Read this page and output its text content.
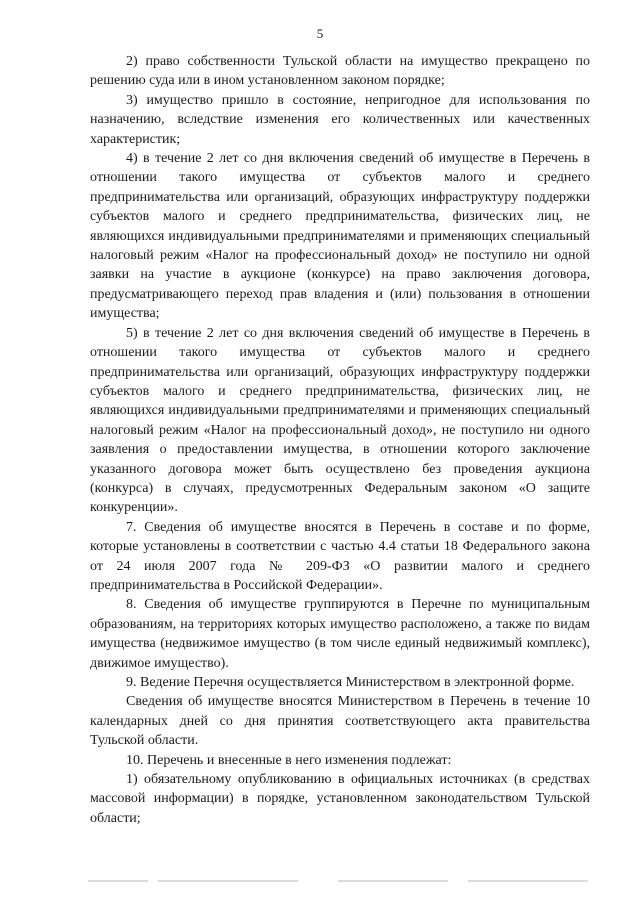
5

2) право собственности Тульской области на имущество прекращено по решению суда или в ином установленном законом порядке;

3) имущество пришло в состояние, непригодное для использования по назначению, вследствие изменения его количественных или качественных характеристик;

4) в течение 2 лет со дня включения сведений об имуществе в Перечень в отношении такого имущества от субъектов малого и среднего предпринимательства или организаций, образующих инфраструктуру поддержки субъектов малого и среднего предпринимательства, физических лиц, не являющихся индивидуальными предпринимателями и применяющих специальный налоговый режим «Налог на профессиональный доход» не поступило ни одной заявки на участие в аукционе (конкурсе) на право заключения договора, предусматривающего переход прав владения и (или) пользования в отношении имущества;

5) в течение 2 лет со дня включения сведений об имуществе в Перечень в отношении такого имущества от субъектов малого и среднего предпринимательства или организаций, образующих инфраструктуру поддержки субъектов малого и среднего предпринимательства, физических лиц, не являющихся индивидуальными предпринимателями и применяющих специальный налоговый режим «Налог на профессиональный доход», не поступило ни одного заявления о предоставлении имущества, в отношении которого заключение указанного договора может быть осуществлено без проведения аукциона (конкурса) в случаях, предусмотренных Федеральным законом «О защите конкуренции».

7. Сведения об имуществе вносятся в Перечень в составе и по форме, которые установлены в соответствии с частью 4.4 статьи 18 Федерального закона от 24 июля 2007 года № 209-ФЗ «О развитии малого и среднего предпринимательства в Российской Федерации».

8. Сведения об имуществе группируются в Перечне по муниципальным образованиям, на территориях которых имущество расположено, а также по видам имущества (недвижимое имущество (в том числе единый недвижимый комплекс), движимое имущество).

9. Ведение Перечня осуществляется Министерством в электронной форме.

Сведения об имуществе вносятся Министерством в Перечень в течение 10 календарных дней со дня принятия соответствующего акта правительства Тульской области.

10. Перечень и внесенные в него изменения подлежат:

1) обязательному опубликованию в официальных источниках (в средствах массовой информации) в порядке, установленном законодательством Тульской области;
